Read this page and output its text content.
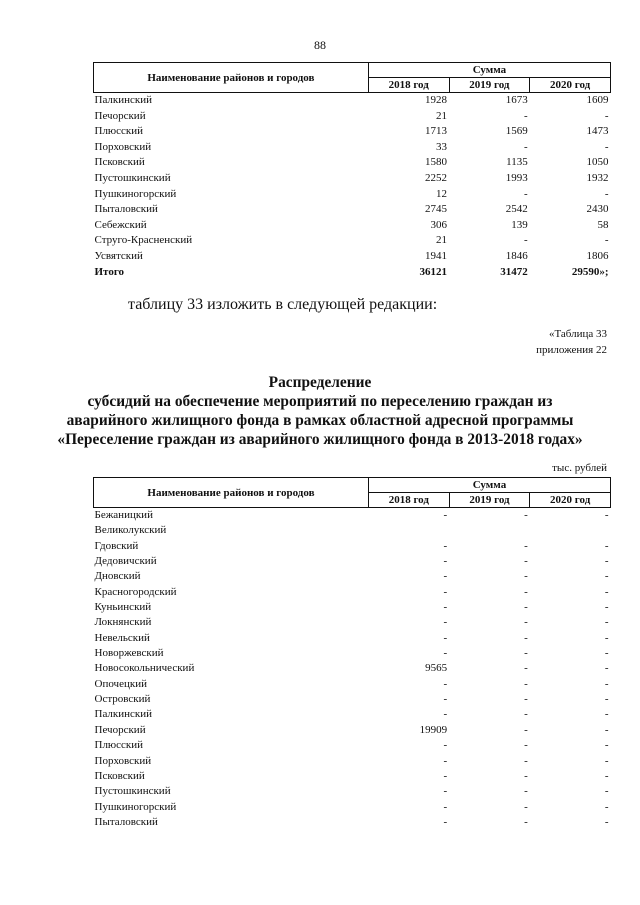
88
Наименование районов и городов	Сумма		
	2018 год	2019 год	2020 год
Палкинский	1928	1673	1609
Печорский	21	-	-
Плюсский	1713	1569	1473
Порховский	33	-	-
Псковский	1580	1135	1050
Пустошкинский	2252	1993	1932
Пушкиногорский	12	-	-
Пыталовский	2745	2542	2430
Себежский	306	139	58
Струго-Красненский	21	-	-
Усвятский	1941	1846	1806
Итого	36121	31472	29590»;
таблицу 33 изложить в следующей редакции:
«Таблица 33
приложения 22
Распределение
субсидий на обеспечение мероприятий по переселению граждан из
аварийного жилищного фонда в рамках областной адресной программы
«Переселение граждан из аварийного жилищного фонда в 2013-2018 годах»
тыс. рублей
Наименование районов и городов	Сумма		
	2018 год	2019 год	2020 год
Бежаницкий	-	-	-
Великолукский			
Гдовский	-	-	-
Дедовичский	-	-	-
Дновский	-	-	-
Красногородский	-	-	-
Куньинский	-	-	-
Локнянский	-	-	-
Невельский	-	-	-
Новоржевский	-	-	-
Новосокольнический	9565	-	-
Опочецкий	-	-	-
Островский	-	-	-
Палкинский	-	-	-
Печорский	19909	-	-
Плюсский	-	-	-
Порховский	-	-	-
Псковский	-	-	-
Пустошкинский	-	-	-
Пушкиногорский	-	-	-
Пыталовский	-	-	-
